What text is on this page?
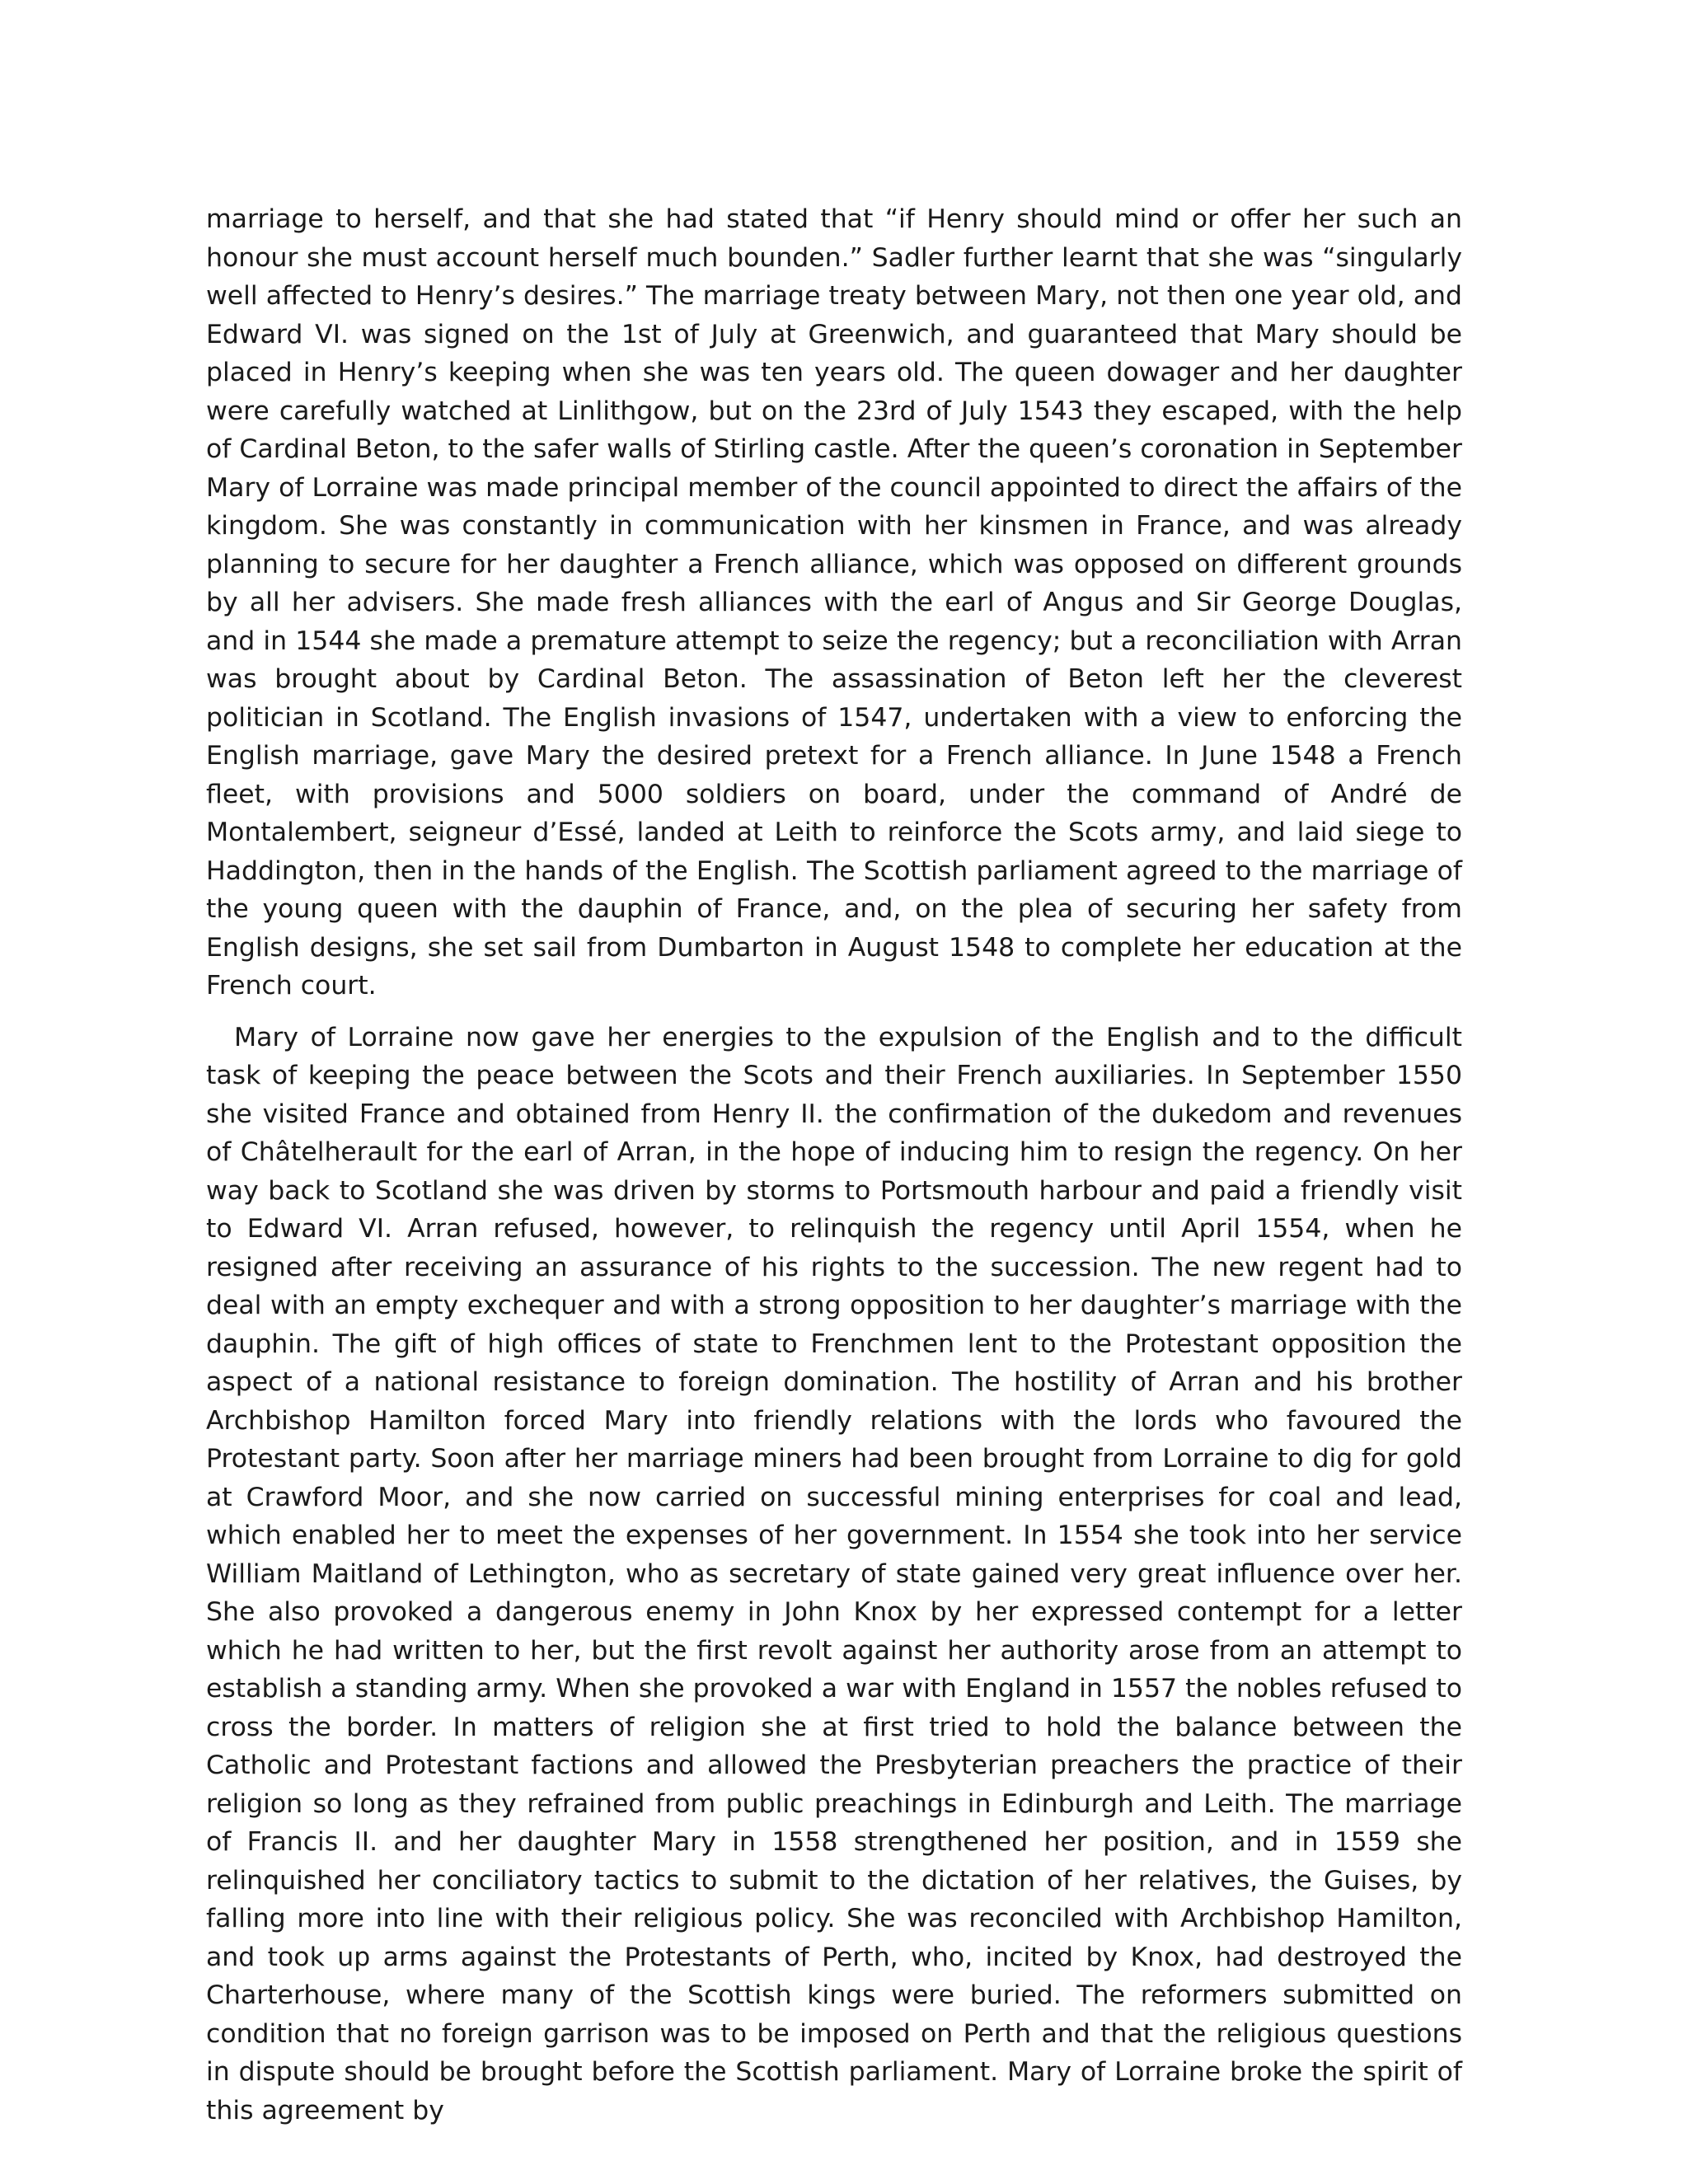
marriage to herself, and that she had stated that “if Henry should mind or offer her such an honour she must account herself much bounden.” Sadler further learnt that she was “singularly well affected to Henry’s desires.” The marriage treaty between Mary, not then one year old, and Edward VI. was signed on the 1st of July at Greenwich, and guaranteed that Mary should be placed in Henry’s keeping when she was ten years old. The queen dowager and her daughter were carefully watched at Linlithgow, but on the 23rd of July 1543 they escaped, with the help of Cardinal Beton, to the safer walls of Stirling castle. After the queen’s coronation in September Mary of Lorraine was made principal member of the council appointed to direct the affairs of the kingdom. She was constantly in communication with her kinsmen in France, and was already planning to secure for her daughter a French alliance, which was opposed on different grounds by all her advisers. She made fresh alliances with the earl of Angus and Sir George Douglas, and in 1544 she made a premature attempt to seize the regency; but a reconciliation with Arran was brought about by Cardinal Beton. The assassination of Beton left her the cleverest politician in Scotland. The English invasions of 1547, undertaken with a view to enforcing the English marriage, gave Mary the desired pretext for a French alliance. In June 1548 a French fleet, with provisions and 5000 soldiers on board, under the command of André de Montalembert, seigneur d’Essé, landed at Leith to reinforce the Scots army, and laid siege to Haddington, then in the hands of the English. The Scottish parliament agreed to the marriage of the young queen with the dauphin of France, and, on the plea of securing her safety from English designs, she set sail from Dumbarton in August 1548 to complete her education at the French court.

Mary of Lorraine now gave her energies to the expulsion of the English and to the difficult task of keeping the peace between the Scots and their French auxiliaries. In September 1550 she visited France and obtained from Henry II. the confirmation of the dukedom and revenues of Châtelherault for the earl of Arran, in the hope of inducing him to resign the regency. On her way back to Scotland she was driven by storms to Portsmouth harbour and paid a friendly visit to Edward VI. Arran refused, however, to relinquish the regency until April 1554, when he resigned after receiving an assurance of his rights to the succession. The new regent had to deal with an empty exchequer and with a strong opposition to her daughter’s marriage with the dauphin. The gift of high offices of state to Frenchmen lent to the Protestant opposition the aspect of a national resistance to foreign domination. The hostility of Arran and his brother Archbishop Hamilton forced Mary into friendly relations with the lords who favoured the Protestant party. Soon after her marriage miners had been brought from Lorraine to dig for gold at Crawford Moor, and she now carried on successful mining enterprises for coal and lead, which enabled her to meet the expenses of her government. In 1554 she took into her service William Maitland of Lethington, who as secretary of state gained very great influence over her. She also provoked a dangerous enemy in John Knox by her expressed contempt for a letter which he had written to her, but the first revolt against her authority arose from an attempt to establish a standing army. When she provoked a war with England in 1557 the nobles refused to cross the border. In matters of religion she at first tried to hold the balance between the Catholic and Protestant factions and allowed the Presbyterian preachers the practice of their religion so long as they refrained from public preachings in Edinburgh and Leith. The marriage of Francis II. and her daughter Mary in 1558 strengthened her position, and in 1559 she relinquished her conciliatory tactics to submit to the dictation of her relatives, the Guises, by falling more into line with their religious policy. She was reconciled with Archbishop Hamilton, and took up arms against the Protestants of Perth, who, incited by Knox, had destroyed the Charterhouse, where many of the Scottish kings were buried. The reformers submitted on condition that no foreign garrison was to be imposed on Perth and that the religious questions in dispute should be brought before the Scottish parliament. Mary of Lorraine broke the spirit of this agreement by
